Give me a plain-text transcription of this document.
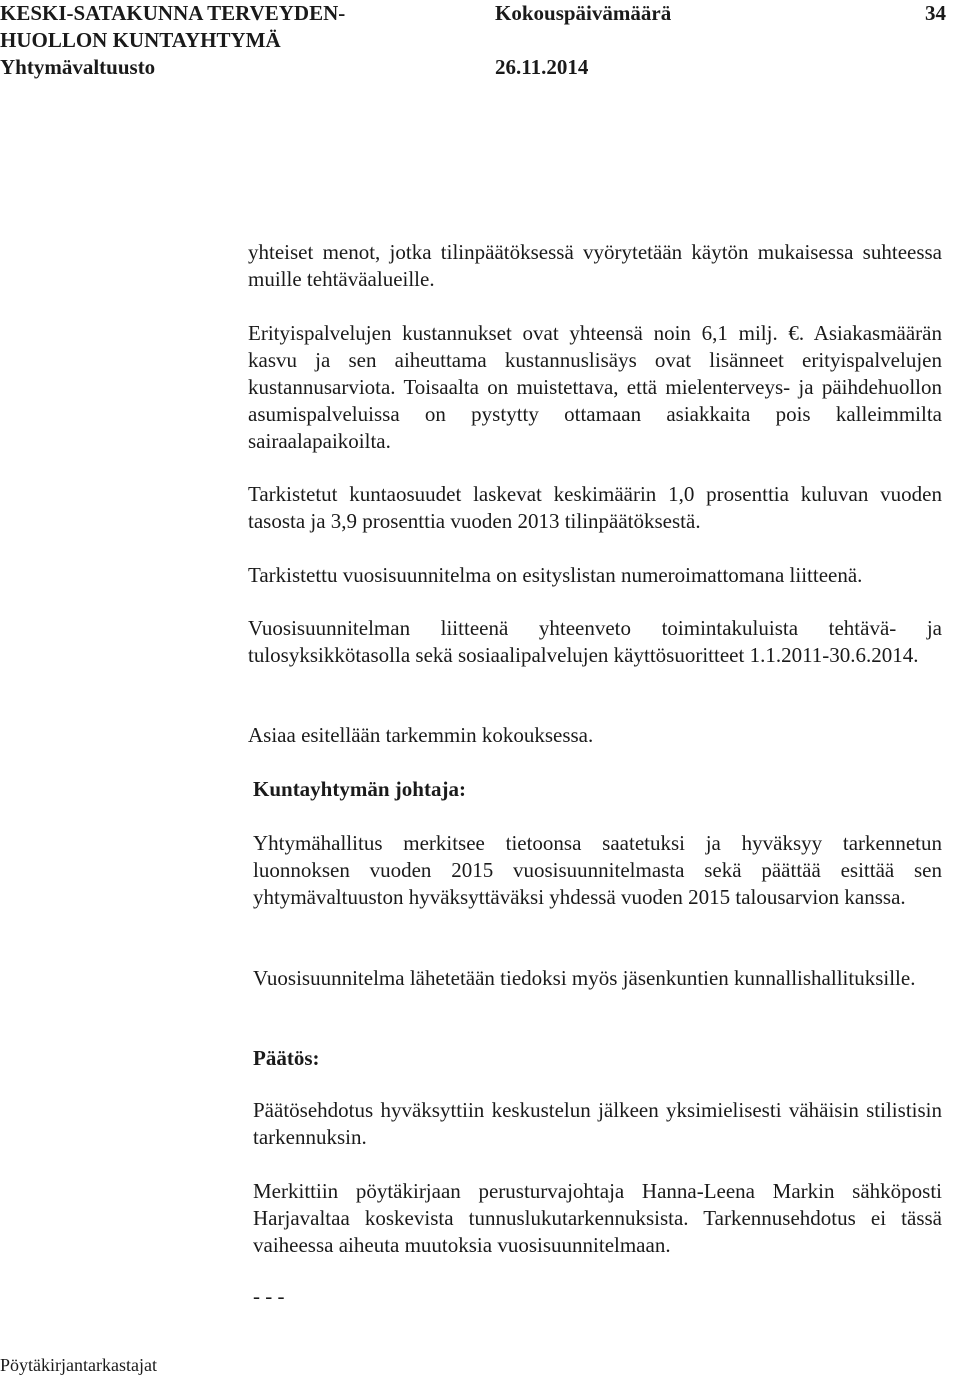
KESKI-SATAKUNNA TERVEYDEN-
HUOLLON KUNTAYHTYMÄ
Yhtymävaltuusto
Kokouspäivämäärä
26.11.2014
34

yhteiset menot, jotka tilinpäätöksessä vyörytetään käytön mukaisessa suhteessa muille tehtäväalueille.

Erityispalvelujen kustannukset ovat yhteensä noin 6,1 milj. €. Asiakasmäärän kasvu ja sen aiheuttama kustannuslisäys ovat lisänneet erityispalvelujen kustannusarviota. Toisaalta on muistettava, että mielenterveys- ja päihdehuollon asumispalveluissa on pystytty ottamaan asiakkaita pois kalleimmilta sairaalapaikoilta.

Tarkistetut kuntaosuudet laskevat keskimäärin 1,0 prosenttia kuluvan vuoden tasosta ja 3,9 prosenttia vuoden 2013 tilinpäätöksestä.

Tarkistettu vuosisuunnitelma on esityslistan numeroimattomana liitteenä.

Vuosisuunnitelman liitteenä yhteenveto toimintakuluista tehtävä- ja tulosyksikkötasolla sekä sosiaalipalvelujen käyttösuoritteet 1.1.2011-30.6.2014.

Asiaa esitellään tarkemmin kokouksessa.

Kuntayhtymän johtaja:

Yhtymähallitus merkitsee tietoonsa saatetuksi ja hyväksyy tarkennetun luonnoksen vuoden 2015 vuosisuunnitelmasta sekä päättää esittää sen yhtymävaltuuston hyväksyttäväksi yhdessä vuoden 2015 talousarvion kanssa.

Vuosisuunnitelma lähetetään tiedoksi myös jäsenkuntien kunnallishallituksille.

Päätös:

Päätösehdotus hyväksyttiin keskustelun jälkeen yksimielisesti vähäisin stilistisin tarkennuksin.

Merkittiin pöytäkirjaan perusturvajohtaja Hanna-Leena Markin sähköposti Harjavaltaa koskevista tunnuslukutarkennuksista. Tarkennusehdotus ei tässä vaiheessa aiheuta muutoksia vuosisuunnitelmaan.

- - -
Pöytäkirjantarkastajat
